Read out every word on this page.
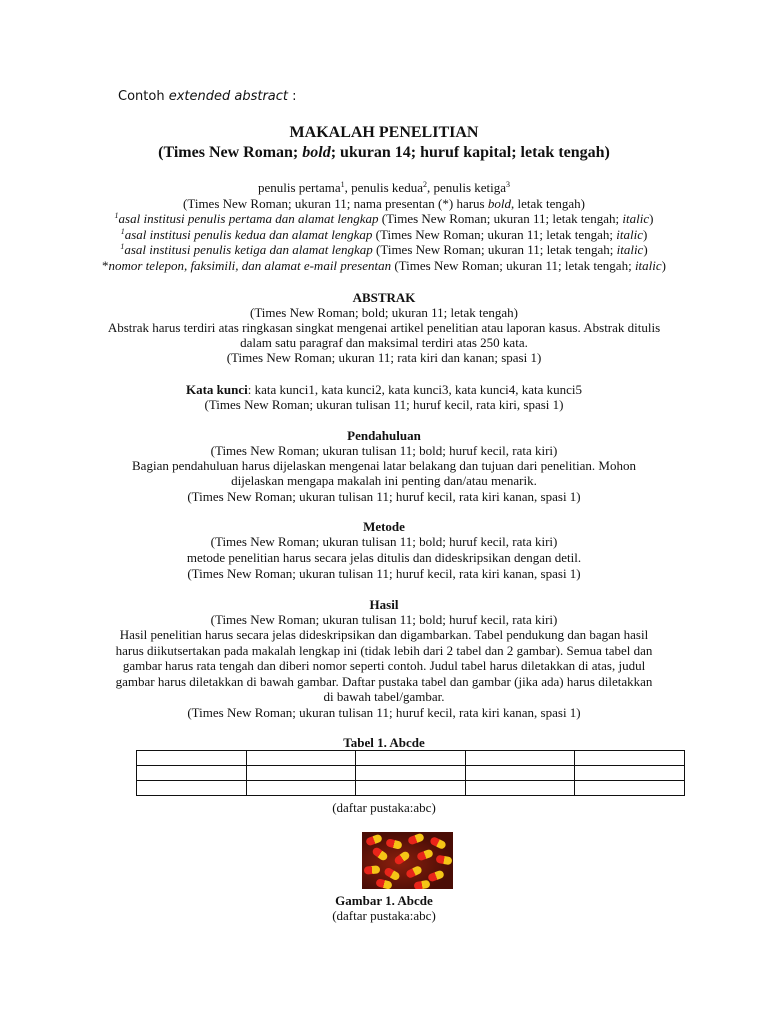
Contoh extended abstract :
MAKALAH PENELITIAN
(Times New Roman; bold; ukuran 14; huruf kapital; letak tengah)
penulis pertama$^1$, penulis kedua$^2$, penulis ketiga$^3$
(Times New Roman; ukuran 11; nama presentan (*) harus bold, letak tengah)
$^1$asal institusi penulis pertama dan alamat lengkap (Times New Roman; ukuran 11; letak tengah; italic)
$^1$asal institusi penulis kedua dan alamat lengkap (Times New Roman; ukuran 11; letak tengah; italic)
$^1$asal institusi penulis ketiga dan alamat lengkap (Times New Roman; ukuran 11; letak tengah; italic)
*nomor telepon, faksimili, dan alamat e-mail presentan (Times New Roman; ukuran 11; letak tengah; italic)
ABSTRAK
(Times New Roman; bold; ukuran 11; letak tengah)
Abstrak harus terdiri atas ringkasan singkat mengenai artikel penelitian atau laporan kasus. Abstrak ditulis
dalam satu paragraf dan maksimal terdiri atas 250 kata.
(Times New Roman; ukuran 11; rata kiri dan kanan; spasi 1)
Kata kunci: kata kunci1, kata kunci2, kata kunci3, kata kunci4, kata kunci5
(Times New Roman; ukuran tulisan 11; huruf kecil, rata kiri, spasi 1)
Pendahuluan
(Times New Roman; ukuran tulisan 11; bold; huruf kecil, rata kiri)
Bagian pendahuluan harus dijelaskan mengenai latar belakang dan tujuan dari penelitian. Mohon
dijelaskan mengapa makalah ini penting dan/atau menarik.
(Times New Roman; ukuran tulisan 11; huruf kecil, rata kiri kanan, spasi 1)
Metode
(Times New Roman; ukuran tulisan 11; bold; huruf kecil, rata kiri)
metode penelitian harus secara jelas ditulis dan dideskripsikan dengan detil.
(Times New Roman; ukuran tulisan 11; huruf kecil, rata kiri kanan, spasi 1)
Hasil
(Times New Roman; ukuran tulisan 11; bold; huruf kecil, rata kiri)
Hasil penelitian harus secara jelas dideskripsikan dan digambarkan. Tabel pendukung dan bagan hasil
harus diikutsertakan pada makalah lengkap ini (tidak lebih dari 2 tabel dan 2 gambar). Semua tabel dan
gambar harus rata tengah dan diberi nomor seperti contoh. Judul tabel harus diletakkan di atas, judul
gambar harus diletakkan di bawah gambar. Daftar pustaka tabel dan gambar (jika ada) harus diletakkan
di bawah tabel/gambar.
(Times New Roman; ukuran tulisan 11; huruf kecil, rata kiri kanan, spasi 1)
Tabel 1. Abcde

(daftar pustaka:abc)
Gambar 1. Abcde
(daftar pustaka:abc)
